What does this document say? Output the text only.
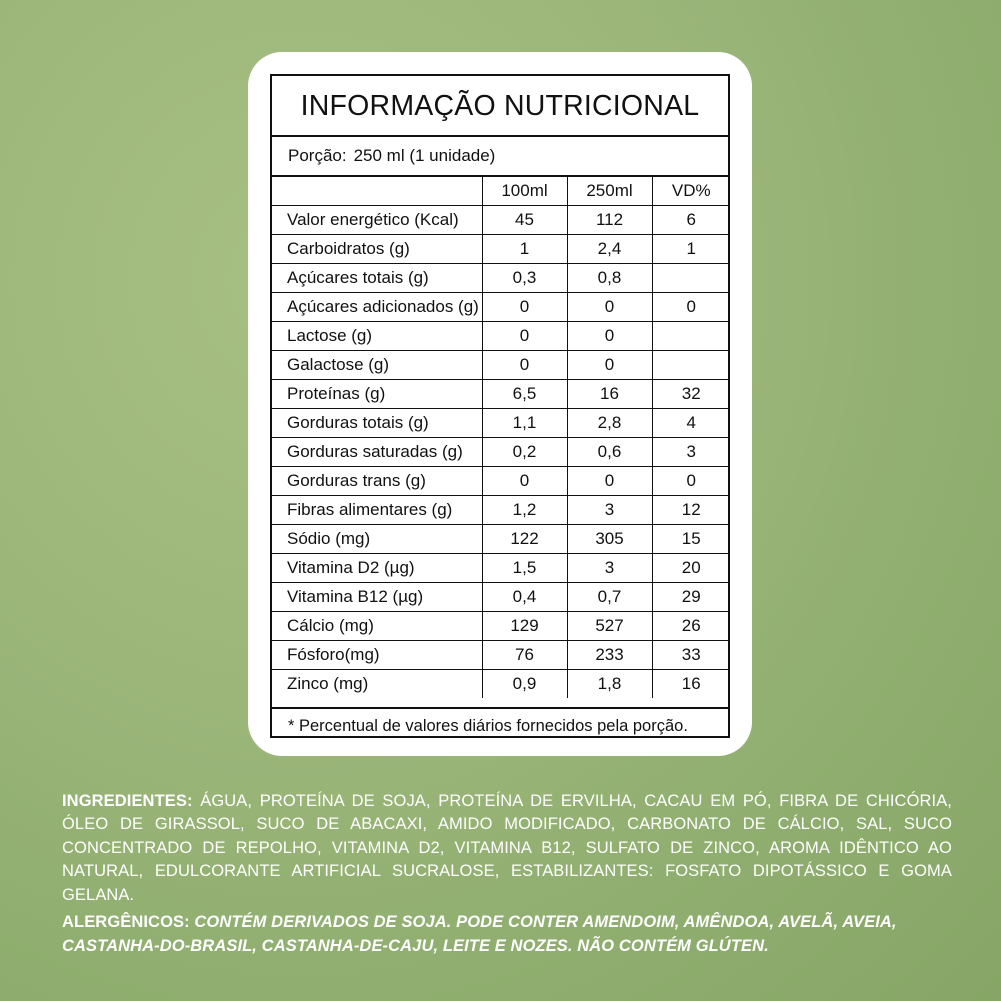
INFORMAÇÃO NUTRICIONAL
Porção: 250 ml (1 unidade)
	100ml	250ml	VD%
Valor energético (Kcal)	45	112	6
Carboidratos (g)	1	2,4	1
Açúcares totais (g)	0,3	0,8	
Açúcares adicionados (g)	0	0	0
Lactose (g)	0	0	
Galactose (g)	0	0	
Proteínas (g)	6,5	16	32
Gorduras totais (g)	1,1	2,8	4
Gorduras saturadas (g)	0,2	0,6	3
Gorduras trans (g)	0	0	0
Fibras alimentares (g)	1,2	3	12
Sódio (mg)	122	305	15
Vitamina D2 (µg)	1,5	3	20
Vitamina B12 (µg)	0,4	0,7	29
Cálcio (mg)	129	527	26
Fósforo(mg)	76	233	33
Zinco (mg)	0,9	1,8	16
* Percentual de valores diários fornecidos pela porção.

INGREDIENTES: ÁGUA, PROTEÍNA DE SOJA, PROTEÍNA DE ERVILHA, CACAU EM PÓ, FIBRA DE CHICÓRIA, ÓLEO DE GIRASSOL, SUCO DE ABACAXI, AMIDO MODIFICADO, CARBONATO DE CÁLCIO, SAL, SUCO CONCENTRADO DE REPOLHO, VITAMINA D2, VITAMINA B12, SULFATO DE ZINCO, AROMA IDÊNTICO AO NATURAL, EDULCORANTE ARTIFICIAL SUCRALOSE, ESTABILIZANTES: FOSFATO DIPOTÁSSICO E GOMA GELANA.

ALERGÊNICOS: CONTÉM DERIVADOS DE SOJA. PODE CONTER AMENDOIM, AMÊNDOA, AVELÃ, AVEIA, CASTANHA-DO-BRASIL, CASTANHA-DE-CAJU, LEITE E NOZES. NÃO CONTÉM GLÚTEN.
